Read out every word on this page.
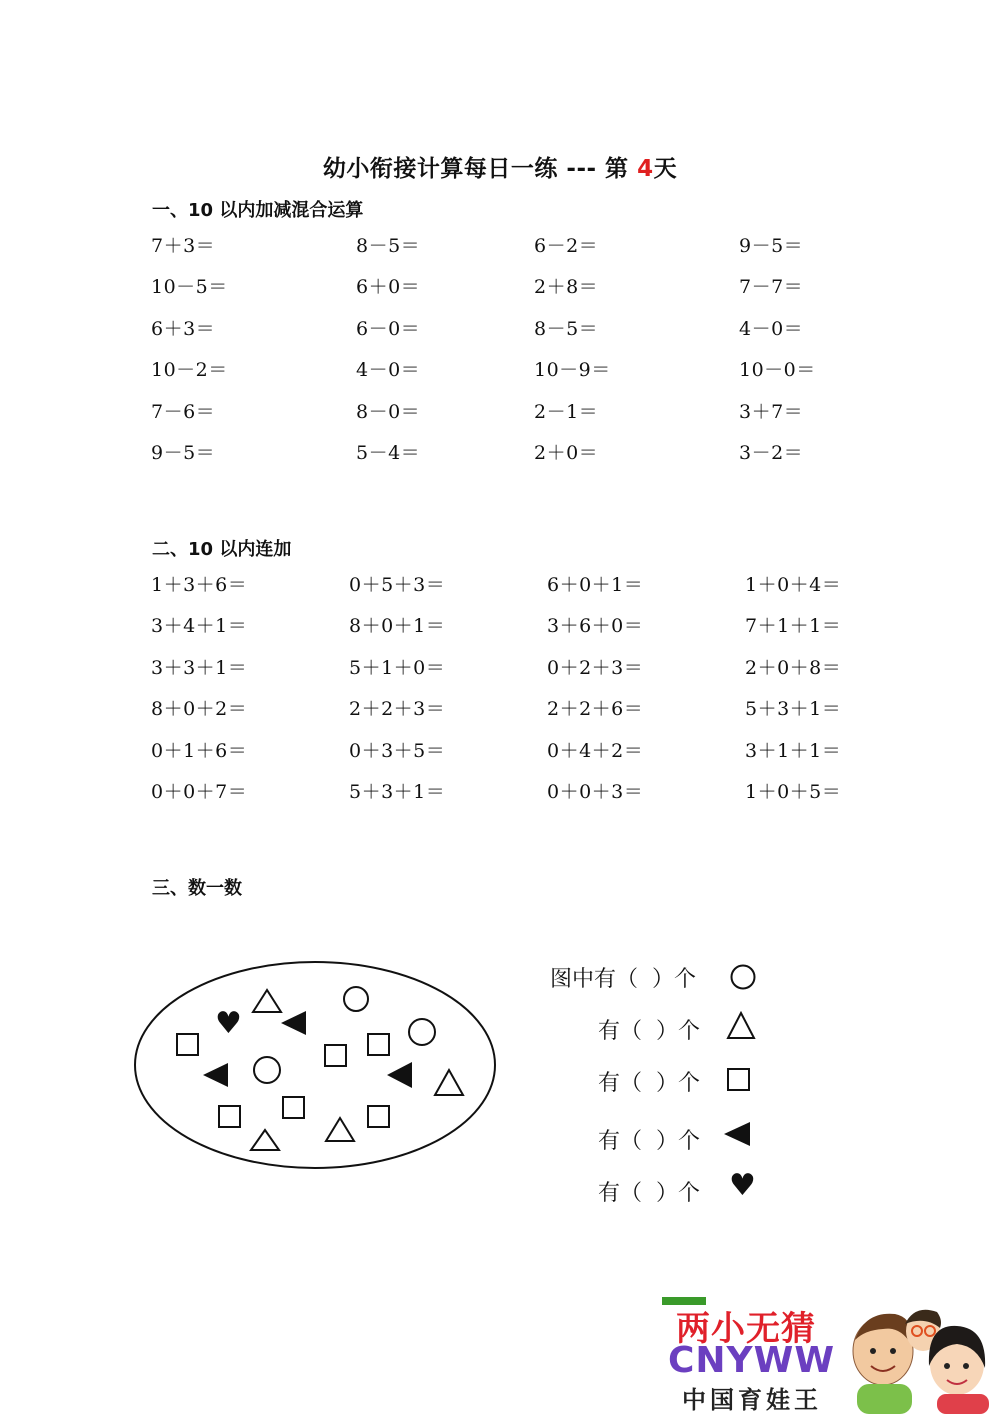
幼小衔接计算每日一练 --- 第 4天
一、10 以内加减混合运算
7＋3＝	8－5＝	6－2＝	9－5＝
10－5＝	6＋0＝	2＋8＝	7－7＝
6＋3＝	6－0＝	8－5＝	4－0＝
10－2＝	4－0＝	10－9＝	10－0＝
7－6＝	8－0＝	2－1＝	3＋7＝
9－5＝	5－4＝	2＋0＝	3－2＝
二、10 以内连加
1＋3＋6＝	0＋5＋3＝	6＋0＋1＝	1＋0＋4＝
3＋4＋1＝	8＋0＋1＝	3＋6＋0＝	7＋1＋1＝
3＋3＋1＝	5＋1＋0＝	0＋2＋3＝	2＋0＋8＝
8＋0＋2＝	2＋2＋3＝	2＋2＋6＝	5＋3＋1＝
0＋1＋6＝	0＋3＋5＝	0＋4＋2＝	3＋1＋1＝
0＋0＋7＝	5＋3＋1＝	0＋0＋3＝	1＋0＋5＝
三、数一数
♥
图中有（ ）个
有（ ）个
有（ ）个
有（ ）个
有（ ）个 ♥
两小无猜
CNYWW
中国育娃王
